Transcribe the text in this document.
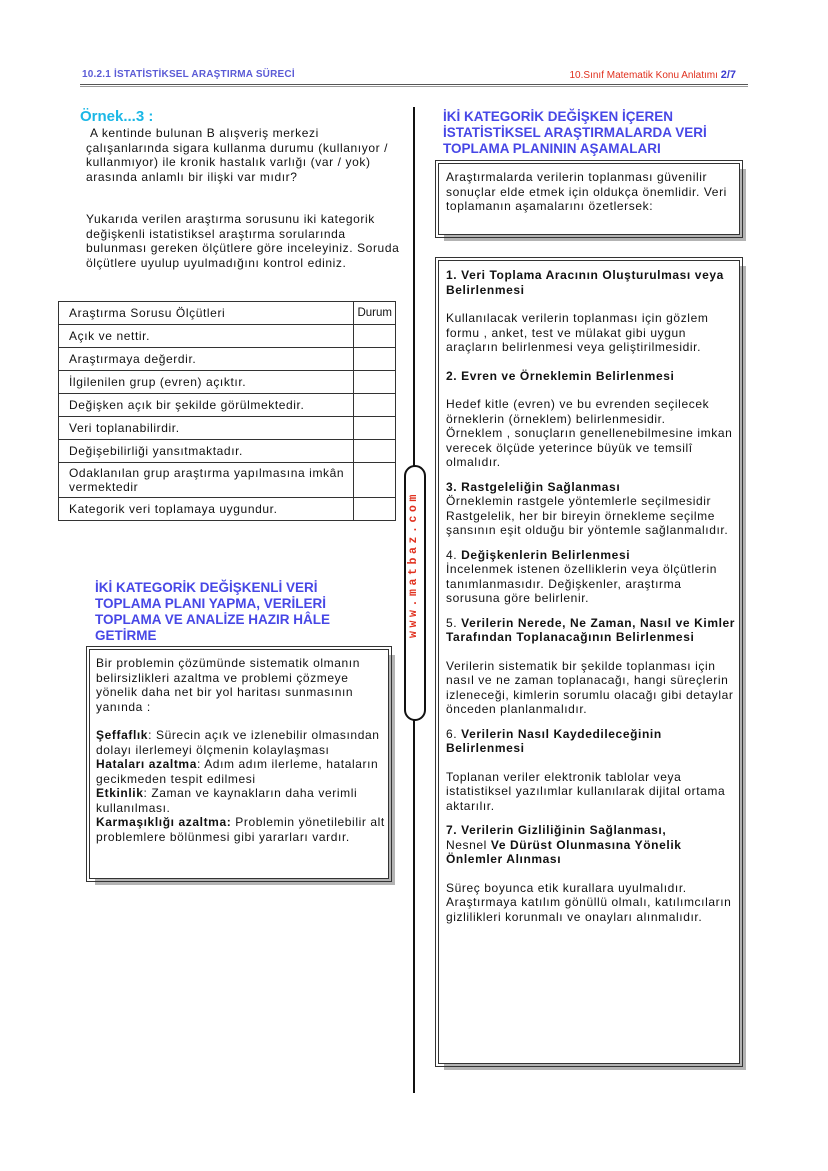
10.2.1 İSTATİSTİKSEL ARAŞTIRMA SÜRECİ	10.Sınıf Matematik Konu Anlatımı 2/7
Örnek...3 :
A kentinde bulunan B alışveriş merkezi çalışanlarında sigara kullanma durumu (kullanıyor / kullanmıyor) ile kronik hastalık varlığı (var / yok) arasında anlamlı bir ilişki var mıdır?
Yukarıda verilen araştırma sorusunu iki kategorik değişkenli istatistiksel araştırma sorularında bulunması gereken ölçütlere göre inceleyiniz. Soruda ölçütlere uyulup uyulmadığını kontrol ediniz.
Araştırma Sorusu Ölçütleri	Durum
Açık ve nettir.	
Araştırmaya değerdir.	
İlgilenilen grup (evren) açıktır.	
Değişken açık bir şekilde görülmektedir.	
Veri toplanabilirdir.	
Değişebilirliği yansıtmaktadır.	
Odaklanılan grup araştırma yapılmasına imkân vermektedir	
Kategorik veri toplamaya uygundur.		www.matbaz.com
İKİ KATEGORİK DEĞİŞKENLİ VERİ TOPLAMA PLANI YAPMA, VERİLERİ TOPLAMA VE ANALİZE HAZIR HÂLE GETİRME

Bir problemin çözümünde sistematik olmanın belirsizlikleri azaltma ve problemi çözmeye yönelik daha net bir yol haritası sunmasının yanında :

Şeffaflık: Sürecin açık ve izlenebilir olmasından dolayı ilerlemeyi ölçmenin kolaylaşması

Hataları azaltma: Adım adım ilerleme, hataların gecikmeden tespit edilmesi

Etkinlik: Zaman ve kaynakların daha verimli kullanılması.

Karmaşıklığı azaltma: Problemin yönetilebilir alt problemlere bölünmesi gibi yararları vardır.

İKİ KATEGORİK DEĞİŞKEN İÇEREN İSTATİSTİKSEL ARAŞTIRMALARDA VERİ TOPLAMA PLANININ AŞAMALARI

Araştırmalarda verilerin toplanması güvenilir sonuçlar elde etmek için oldukça önemlidir. Veri toplamanın aşamalarını özetlersek:

1. Veri Toplama Aracının Oluşturulması veya Belirlenmesi

Kullanılacak verilerin toplanması için gözlem formu , anket, test ve mülakat gibi uygun araçların belirlenmesi veya geliştirilmesidir.

2. Evren ve Örneklemin Belirlenmesi

Hedef kitle (evren) ve bu evrenden seçilecek örneklerin (örneklem) belirlenmesidir.

Örneklem , sonuçların genellenebilmesine imkan verecek ölçüde yeterince büyük ve temsilî olmalıdır.

3. Rastgeleliğin Sağlanması

Örneklemin rastgele yöntemlerle seçilmesidir

Rastgelelik, her bir bireyin örnekleme seçilme şansının eşit olduğu bir yöntemle sağlanmalıdır.

4. Değişkenlerin Belirlenmesi

İncelenmek istenen özelliklerin veya ölçütlerin tanımlanmasıdır. Değişkenler, araştırma sorusuna göre belirlenir.

5. Verilerin Nerede, Ne Zaman, Nasıl ve Kimler Tarafından Toplanacağının Belirlenmesi

Verilerin sistematik bir şekilde toplanması için nasıl ve ne zaman toplanacağı, hangi süreçlerin izleneceği, kimlerin sorumlu olacağı gibi detaylar önceden planlanmalıdır.

6. Verilerin Nasıl Kaydedileceğinin Belirlenmesi

Toplanan veriler elektronik tablolar veya istatistiksel yazılımlar kullanılarak dijital ortama aktarılır.

7. Verilerin Gizliliğinin Sağlanması,
Nesnel Ve Dürüst Olunmasına Yönelik Önlemler Alınması

Süreç boyunca etik kurallara uyulmalıdır. Araştırmaya katılım gönüllü olmalı, katılımcıların gizlilikleri korunmalı ve onayları alınmalıdır.
